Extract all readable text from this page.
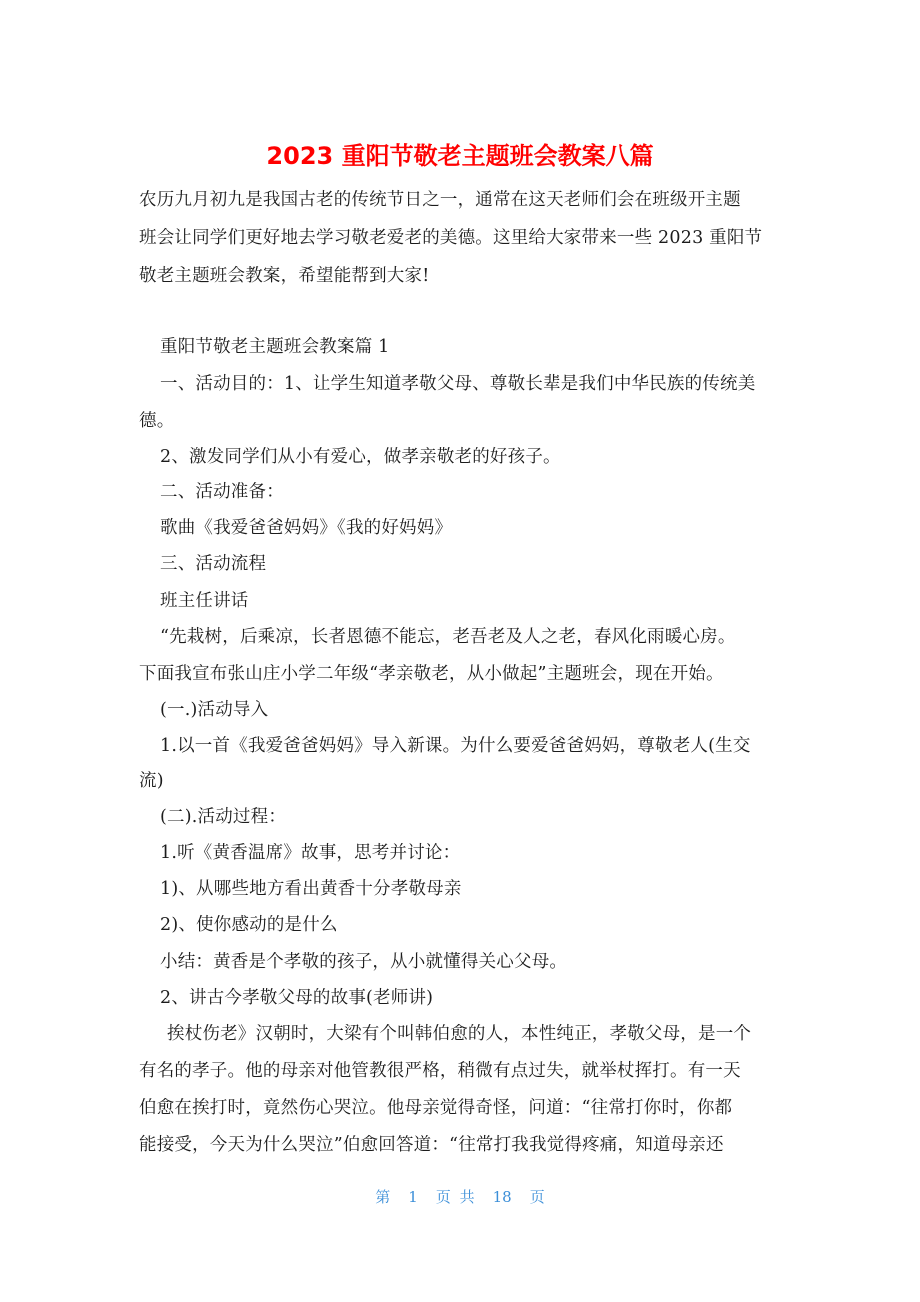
2023 重阳节敬老主题班会教案八篇
农历九月初九是我国古老的传统节日之一，通常在这天老师们会在班级开主题
班会让同学们更好地去学习敬老爱老的美德。这里给大家带来一些 2023 重阳节
敬老主题班会教案，希望能帮到大家!
重阳节敬老主题班会教案篇 1
一、活动目的：1、让学生知道孝敬父母、尊敬长辈是我们中华民族的传统美
德。
2、激发同学们从小有爱心，做孝亲敬老的好孩子。
二、活动准备：
歌曲《我爱爸爸妈妈》《我的好妈妈》
三、活动流程
班主任讲话
“先栽树，后乘凉，长者恩德不能忘，老吾老及人之老，春风化雨暖心房。
下面我宣布张山庄小学二年级“孝亲敬老，从小做起”主题班会，现在开始。
(一.)活动导入
1.以一首《我爱爸爸妈妈》导入新课。为什么要爱爸爸妈妈，尊敬老人(生交
流)
(二).活动过程：
1.听《黄香温席》故事，思考并讨论：
1)、从哪些地方看出黄香十分孝敬母亲
2)、使你感动的是什么
小结：黄香是个孝敬的孩子，从小就懂得关心父母。
2、讲古今孝敬父母的故事(老师讲)
挨杖伤老》汉朝时，大梁有个叫韩伯愈的人，本性纯正，孝敬父母，是一个
有名的孝子。他的母亲对他管教很严格，稍微有点过失，就举杖挥打。有一天
伯愈在挨打时，竟然伤心哭泣。他母亲觉得奇怪，问道：“往常打你时，你都
能接受，今天为什么哭泣”伯愈回答道：“往常打我我觉得疼痛，知道母亲还
第 1 页 共 18 页
